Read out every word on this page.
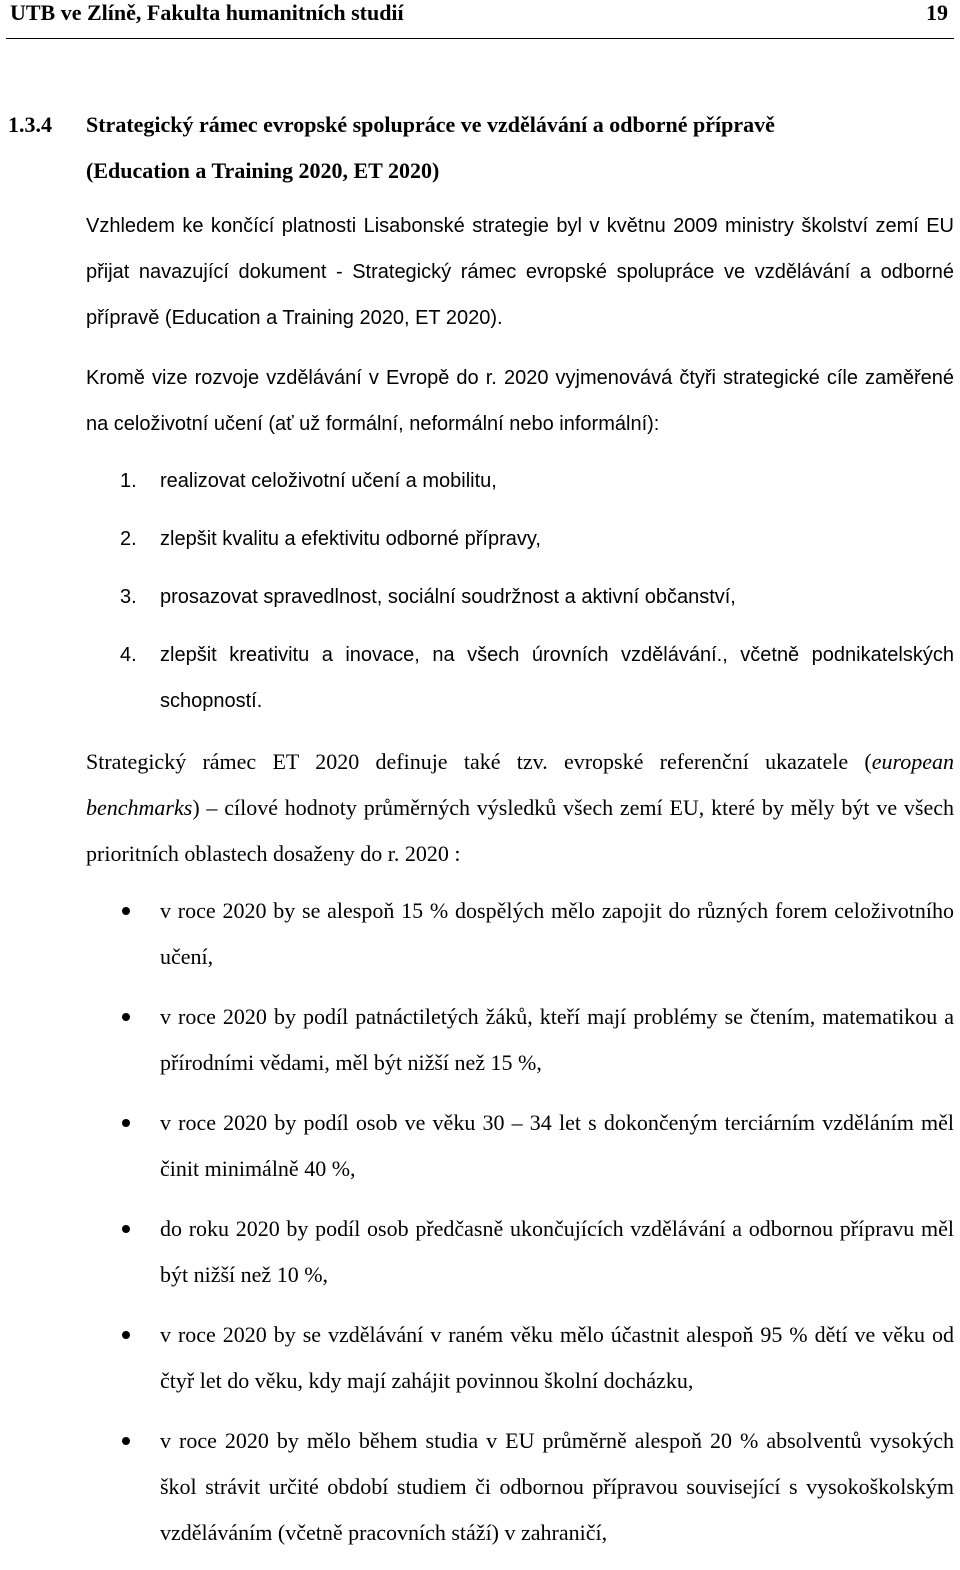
UTB ve Zlíně, Fakulta humanitních studií	19
1.3.4 Strategický rámec evropské spolupráce ve vzdělávání a odborné přípravě
(Education a Training 2020, ET 2020)

Vzhledem ke končící platnosti Lisabonské strategie byl v květnu 2009 ministry školství zemí EU přijat navazující dokument - Strategický rámec evropské spolupráce ve vzdělávání a odborné přípravě (Education a Training 2020, ET 2020).

Kromě vize rozvoje vzdělávání v Evropě do r. 2020 vyjmenovává čtyři strategické cíle zaměřené na celoživotní učení (ať už formální, neformální nebo informální):

1. realizovat celoživotní učení a mobilitu,
2. zlepšit kvalitu a efektivitu odborné přípravy,
3. prosazovat spravedlnost, sociální soudržnost a aktivní občanství,
4. zlepšit kreativitu a inovace, na všech úrovních vzdělávání., včetně podnikatelských schopností.

Strategický rámec ET 2020 definuje také tzv. evropské referenční ukazatele (european benchmarks) – cílové hodnoty průměrných výsledků všech zemí EU, které by měly být ve všech prioritních oblastech dosaženy do r. 2020 :

v roce 2020 by se alespoň 15 % dospělých mělo zapojit do různých forem celoživotního učení,
v roce 2020 by podíl patnáctiletých žáků, kteří mají problémy se čtením, matematikou a přírodními vědami, měl být nižší než 15 %,
v roce 2020 by podíl osob ve věku 30 – 34 let s dokončeným terciárním vzděláním měl činit minimálně 40 %,
do roku 2020 by podíl osob předčasně ukončujících vzdělávání a odbornou přípravu měl být nižší než 10 %,
v roce 2020 by se vzdělávání v raném věku mělo účastnit alespoň 95 % dětí ve věku od čtyř let do věku, kdy mají zahájit povinnou školní docházku,
v roce 2020 by mělo během studia v EU průměrně alespoň 20 % absolventů vysokých škol strávit určité období studiem či odbornou přípravou související s vysokoškolským vzděláváním (včetně pracovních stáží) v zahraničí,
